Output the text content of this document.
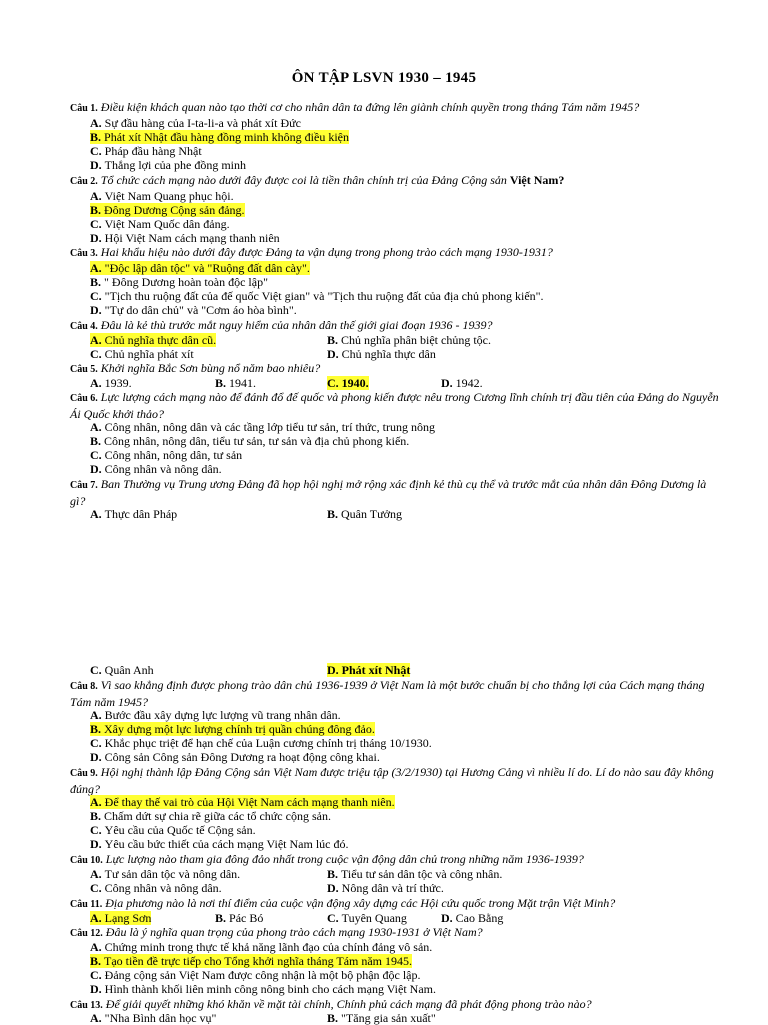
ÔN TẬP LSVN 1930 – 1945
Câu 1. Điều kiện khách quan nào tạo thời cơ cho nhân dân ta đứng lên giành chính quyền trong tháng Tám năm 1945?
A. Sự đầu hàng của I-ta-li-a và phát xít Đức
B. Phát xít Nhật đầu hàng đồng minh không điều kiện
C. Pháp đầu hàng Nhật
D. Thắng lợi của phe đồng minh
Câu 2. Tổ chức cách mạng nào dưới đây được coi là tiền thân chính trị của Đảng Cộng sản Việt Nam?
A. Việt Nam Quang phục hội.
B. Đông Dương Cộng sản đảng.
C. Việt Nam Quốc dân đảng.
D. Hội Việt Nam cách mạng thanh niên
Câu 3. Hai khẩu hiệu nào dưới đây được Đảng ta vận dụng trong phong trào cách mạng 1930-1931?
A. "Độc lập dân tộc" và "Ruộng đất dân cày".
B. " Đông Dương hoàn toàn độc lập"
C. "Tịch thu ruộng đất của đế quốc Việt gian" và "Tịch thu ruộng đất của địa chủ phong kiến".
D. "Tự do dân chủ" và "Cơm áo hòa bình".
Câu 4. Đâu là kẻ thù trước mắt nguy hiểm của nhân dân thế giới giai đoạn 1936 - 1939?
A. Chủ nghĩa thực dân cũ.	B. Chủ nghĩa phân biệt chủng tộc.
C. Chủ nghĩa phát xít	D. Chủ nghĩa thực dân
Câu 5. Khởi nghĩa Bắc Sơn bùng nổ năm bao nhiêu?
A. 1939.	B. 1941.	C. 1940.	D. 1942.
Câu 6. Lực lượng cách mạng nào để đánh đổ đế quốc và phong kiến được nêu trong Cương lĩnh chính trị đầu tiên của Đảng do Nguyễn Ái Quốc khởi thảo?
A. Công nhân, nông dân và các tầng lớp tiểu tư sản, trí thức, trung nông
B. Công nhân, nông dân, tiểu tư sản, tư sản và địa chủ phong kiến.
C. Công nhân, nông dân, tư sản
D. Công nhân và nông dân.
Câu 7. Ban Thường vụ Trung ương Đảng đã họp hội nghị mở rộng xác định kẻ thù cụ thể và trước mắt của nhân dân Đông Dương là gì?
A. Thực dân Pháp	B. Quân Tưởng
C. Quân Anh	D. Phát xít Nhật
Câu 8. Vì sao khẳng định được phong trào dân chủ 1936-1939 ở Việt Nam là một bước chuẩn bị cho thắng lợi của Cách mạng tháng Tám năm 1945?
A. Bước đầu xây dựng lực lượng vũ trang nhân dân.
B. Xây dựng một lực lượng chính trị quần chúng đông đảo.
C. Khắc phục triệt để hạn chế của Luận cương chính trị tháng 10/1930.
D. Công sản Công sản Đông Dương ra hoạt động công khai.
Câu 9. Hội nghị thành lập Đảng Cộng sản Việt Nam được triệu tập (3/2/1930) tại Hương Cảng vì nhiều lí do. Lí do nào sau đây không đúng?
A. Để thay thế vai trò của Hội Việt Nam cách mạng thanh niên.
B. Chấm dứt sự chia rẽ giữa các tổ chức cộng sản.
C. Yêu cầu của Quốc tế Cộng sản.
D. Yêu cầu bức thiết của cách mạng Việt Nam lúc đó.
Câu 10. Lực lượng nào tham gia đông đảo nhất trong cuộc vận động dân chủ trong những năm 1936-1939?
A. Tư sản dân tộc và nông dân.	B. Tiểu tư sản dân tộc và công nhân.
C. Công nhân và nông dân.	D. Nông dân và trí thức.
Câu 11. Địa phương nào là nơi thí điểm của cuộc vận động xây dựng các Hội cứu quốc trong Mặt trận Việt Minh?
A. Lạng Sơn	B. Pác Bó	C. Tuyên Quang	D. Cao Bằng
Câu 12. Đâu là ý nghĩa quan trọng của phong trào cách mạng 1930-1931 ở Việt Nam?
A. Chứng minh trong thực tế khả năng lãnh đạo của chính đảng vô sản.
B. Tạo tiền đề trực tiếp cho Tổng khởi nghĩa tháng Tám năm 1945.
C. Đảng cộng sản Việt Nam được công nhận là một bộ phận độc lập.
D. Hình thành khối liên minh công nông binh cho cách mạng Việt Nam.
Câu 13. Để giải quyết những khó khăn về mặt tài chính, Chính phủ cách mạng đã phát động phong trào nào?
A. "Nha Bình dân học vụ"	B. "Tăng gia sản xuất"
